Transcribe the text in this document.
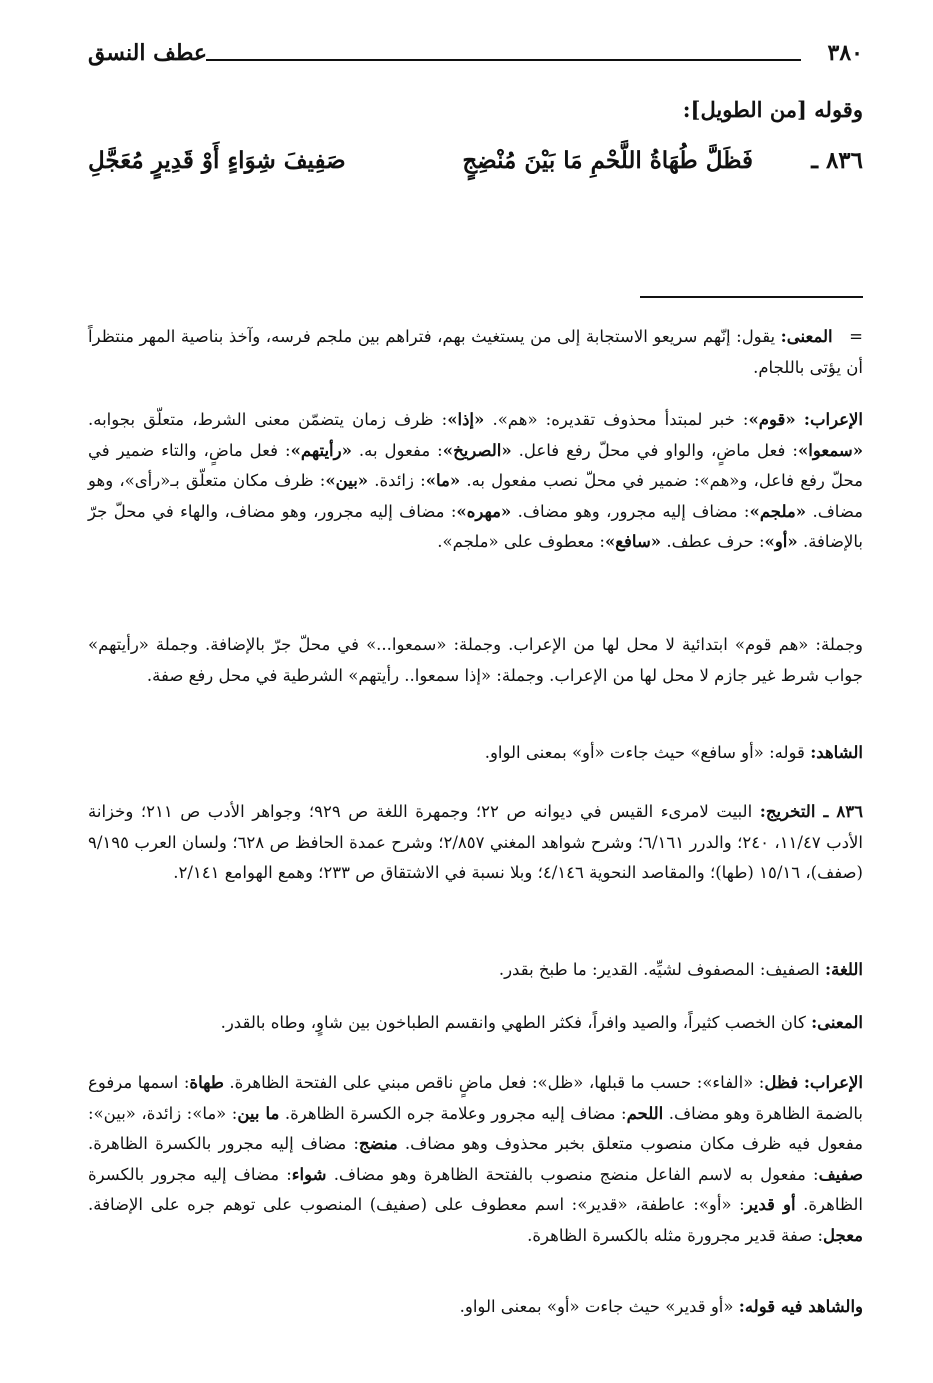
٣٨٠
عطف النسق
وقوله [من الطويل]:
٨٣٦ ـ
فَظَلَّ طُهَاةُ اللَّحْمِ مَا بَيْنَ مُنْضِجٍ
صَفِيفَ شِوَاءٍ أَوْ قَدِيرٍ مُعَجَّلِ
=   المعنى: يقول: إنّهم سريعو الاستجابة إلى من يستغيث بهم، فتراهم بين ملجم فرسه، وآخذ بناصية المهر منتظراً أن يؤتى باللجام.
الإعراب: «قوم»: خبر لمبتدأ محذوف تقديره: «هم». «إذا»: ظرف زمان يتضمّن معنى الشرط، متعلّق بجوابه. «سمعوا»: فعل ماضٍ، والواو في محلّ رفع فاعل. «الصريخ»: مفعول به. «رأيتهم»: فعل ماضٍ، والتاء ضمير في محلّ رفع فاعل، و«هم»: ضمير في محلّ نصب مفعول به. «ما»: زائدة. «بين»: ظرف مكان متعلّق بـ«رأى»، وهو مضاف. «ملجم»: مضاف إليه مجرور، وهو مضاف. «مهره»: مضاف إليه مجرور، وهو مضاف، والهاء في محلّ جرّ بالإضافة. «أو»: حرف عطف. «سافع»: معطوف على «ملجم».
وجملة: «هم قوم» ابتدائية لا محل لها من الإعراب. وجملة: «سمعوا...» في محلّ جرّ بالإضافة. وجملة «رأيتهم» جواب شرط غير جازم لا محل لها من الإعراب. وجملة: «إذا سمعوا.. رأيتهم» الشرطية في محل رفع صفة.
الشاهد: قوله: «أو سافع» حيث جاءت «أو» بمعنى الواو.
٨٣٦ ـ التخريج: البيت لامرىء القيس في ديوانه ص ٢٢؛ وجمهرة اللغة ص ٩٢٩؛ وجواهر الأدب ص ٢١١؛ وخزانة الأدب ١١/٤٧، ٢٤٠؛ والدرر ٦/١٦١؛ وشرح شواهد المغني ٢/٨٥٧؛ وشرح عمدة الحافظ ص ٦٢٨؛ ولسان العرب ٩/١٩٥ (صفف)، ١٥/١٦ (طها)؛ والمقاصد النحوية ٤/١٤٦؛ وبلا نسبة في الاشتقاق ص ٢٣٣؛ وهمع الهوامع ٢/١٤١.
اللغة: الصفيف: المصفوف لشيِّه. القدير: ما طبخ بقدر.
المعنى: كان الخصب كثيراً، والصيد وافراً، فكثر الطهي وانقسم الطباخون بين شاوٍ، وطاه بالقدر.
الإعراب: فظل: «الفاء»: حسب ما قبلها، «ظل»: فعل ماضٍ ناقص مبني على الفتحة الظاهرة. طهاة: اسمها مرفوع بالضمة الظاهرة وهو مضاف. اللحم: مضاف إليه مجرور وعلامة جره الكسرة الظاهرة. ما بين: «ما»: زائدة، «بين»: مفعول فيه ظرف مكان منصوب متعلق بخبر محذوف وهو مضاف. منضج: مضاف إليه مجرور بالكسرة الظاهرة. صفيف: مفعول به لاسم الفاعل منضج منصوب بالفتحة الظاهرة وهو مضاف. شواء: مضاف إليه مجرور بالكسرة الظاهرة. أو قدير: «أو»: عاطفة، «قدير»: اسم معطوف على (صفيف) المنصوب على توهم جره على الإضافة. معجل: صفة قدير مجرورة مثله بالكسرة الظاهرة.
والشاهد فيه قوله: «أو قدير» حيث جاءت «أو» بمعنى الواو.
